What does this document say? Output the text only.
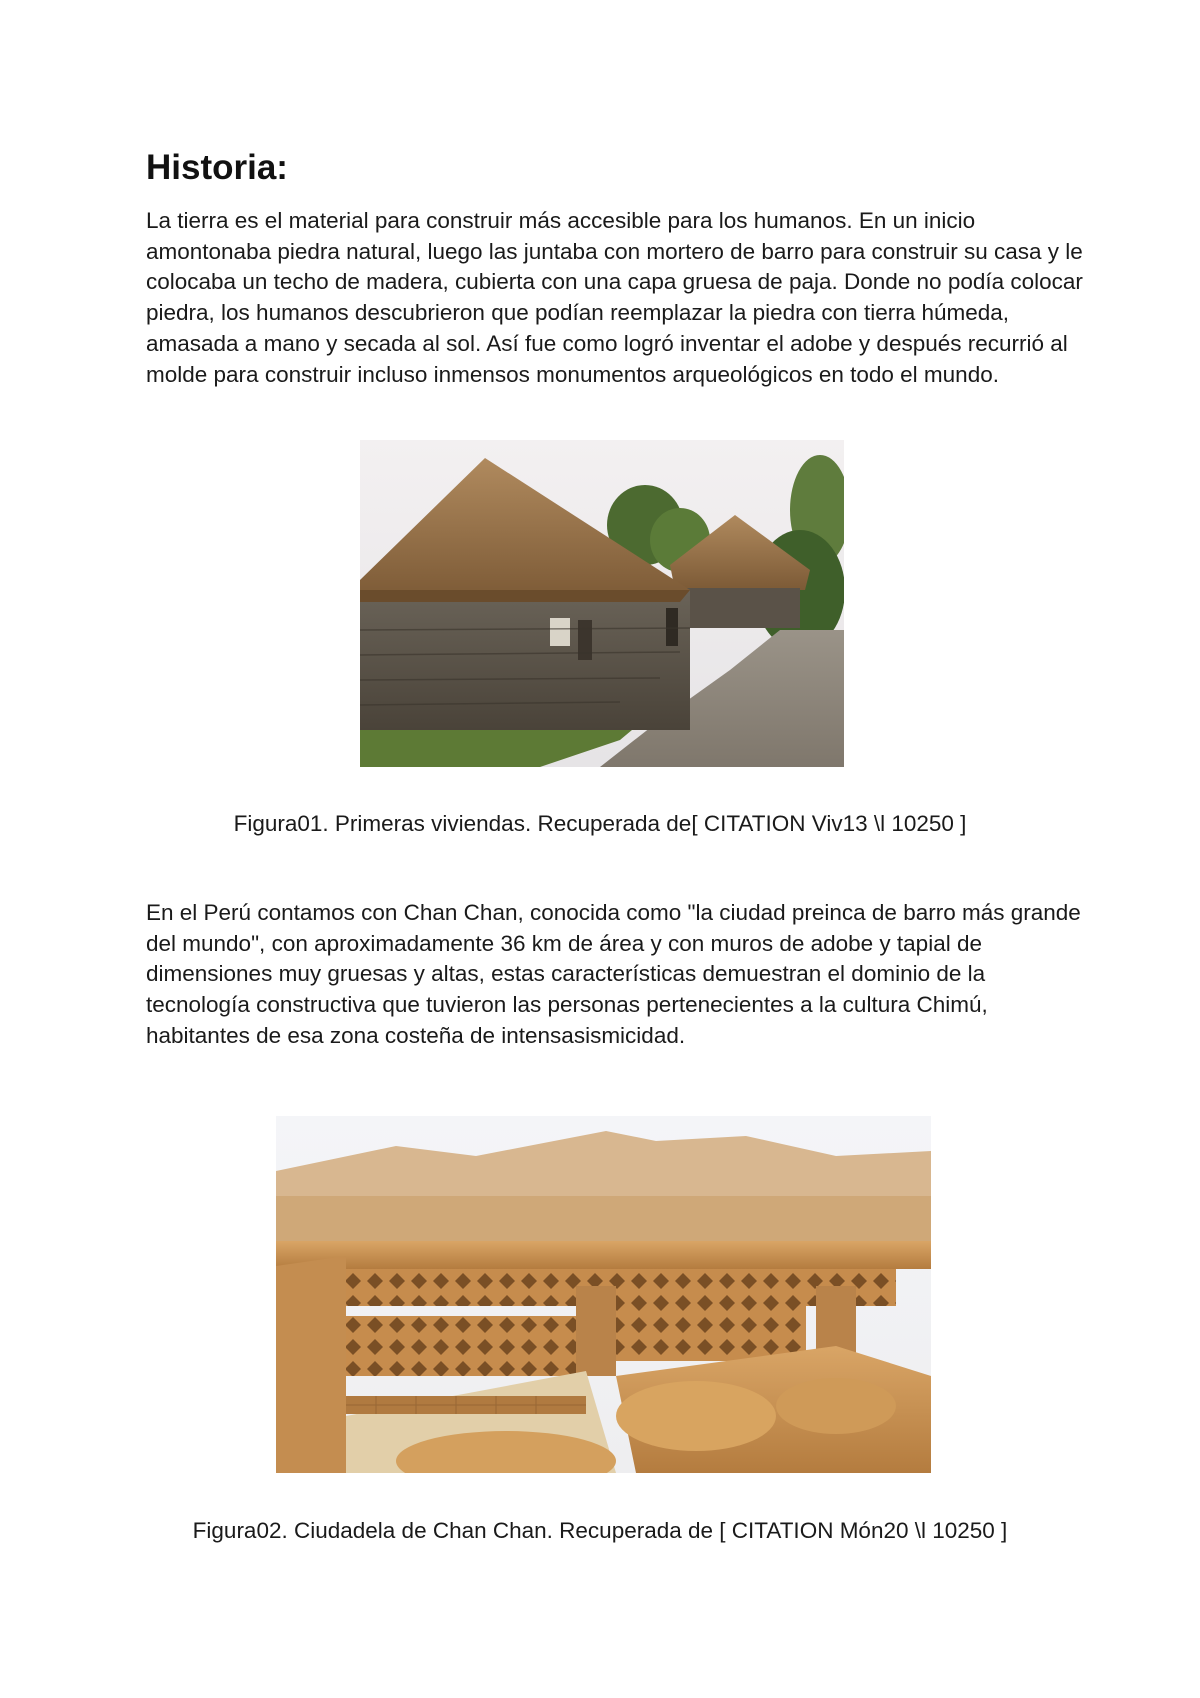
Historia:

La tierra es el material para construir más accesible para los humanos. En un inicio amontonaba piedra natural, luego las juntaba con mortero de barro para construir su casa y le colocaba un techo de madera, cubierta con una capa gruesa de paja. Donde no podía colocar piedra, los humanos descubrieron que podían reemplazar la piedra con tierra húmeda, amasada a mano y secada al sol. Así fue como logró inventar el adobe y después recurrió al molde para construir incluso inmensos monumentos arqueológicos en todo el mundo.

Figura01. Primeras viviendas. Recuperada de[ CITATION Viv13 \l 10250 ]

En el Perú contamos con Chan Chan, conocida como "la ciudad preinca de barro más grande del mundo", con aproximadamente 36 km de área y con muros de adobe y tapial de dimensiones muy gruesas y altas, estas características demuestran el dominio de la tecnología constructiva que tuvieron las personas pertenecientes a la cultura Chimú, habitantes de esa zona costeña de intensasismicidad.

Figura02. Ciudadela de Chan Chan. Recuperada de [ CITATION Món20 \l 10250 ]
